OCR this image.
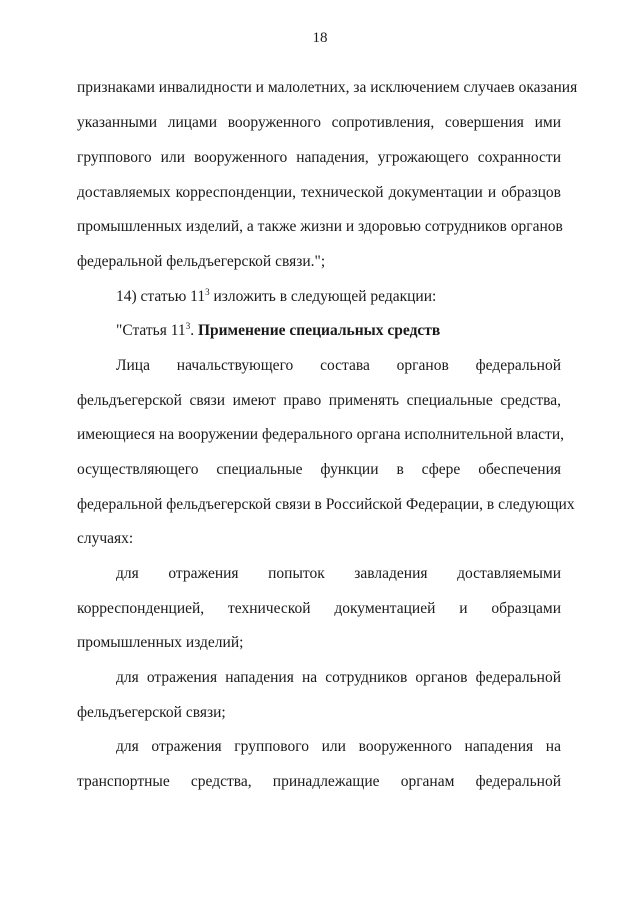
18
признаками инвалидности и малолетних, за исключением случаев оказания
указанными лицами вооруженного сопротивления, совершения ими
группового или вооруженного нападения, угрожающего сохранности
доставляемых корреспонденции, технической документации и образцов
промышленных изделий, а также жизни и здоровью сотрудников органов
федеральной фельдъегерской связи.";
14) статью $11^3$ изложить в следующей редакции:
"Статья $11^3$. Применение специальных средств
Лица начальствующего состава органов федеральной
фельдъегерской связи имеют право применять специальные средства,
имеющиеся на вооружении федерального органа исполнительной власти,
осуществляющего специальные функции в сфере обеспечения
федеральной фельдъегерской связи в Российской Федерации, в следующих
случаях:
для отражения попыток завладения доставляемыми
корреспонденцией, технической документацией и образцами
промышленных изделий;
для отражения нападения на сотрудников органов федеральной
фельдъегерской связи;
для отражения группового или вооруженного нападения на
транспортные средства, принадлежащие органам федеральной
